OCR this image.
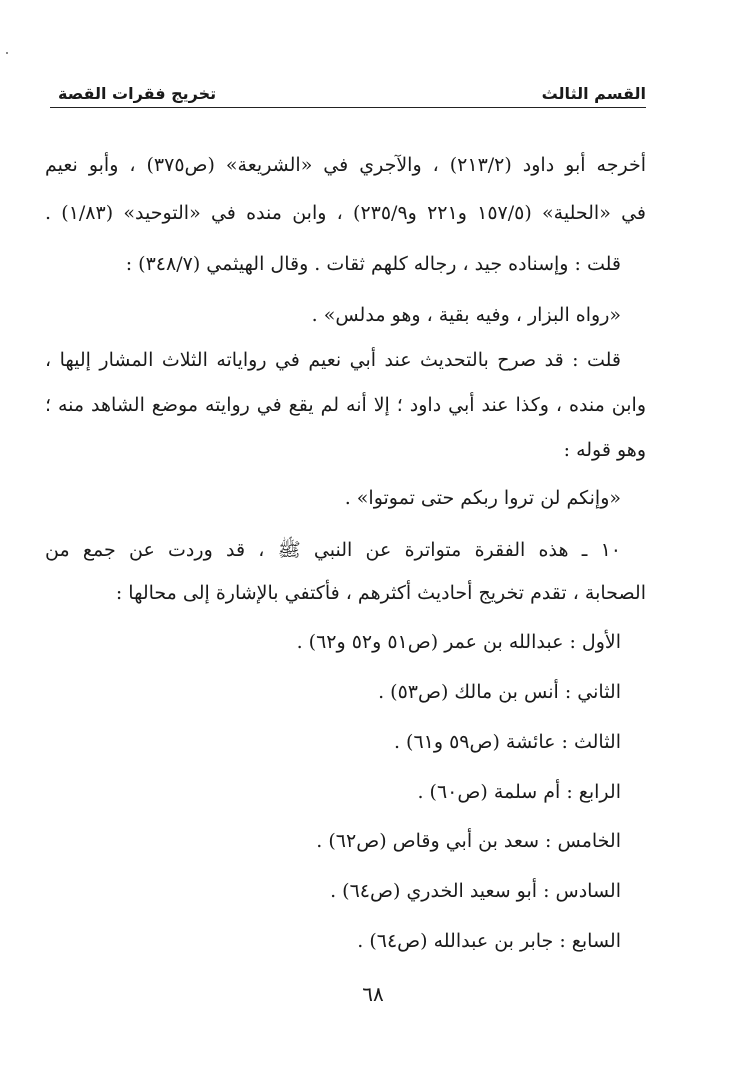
القسم الثالث
تخريج فقرات القصة
أخرجه أبو داود (٢١٣/٢) ، والآجري في «الشريعة» (ص٣٧٥) ، وأبو نعيم
في «الحلية» (١٥٧/٥ و٢٢١ و٢٣٥/٩) ، وابن منده في «التوحيد» (١/٨٣) .
قلت : وإسناده جيد ، رجاله كلهم ثقات . وقال الهيثمي (٣٤٨/٧) :
«رواه البزار ، وفيه بقية ، وهو مدلس» .
قلت : قد صرح بالتحديث عند أبي نعيم في رواياته الثلاث المشار إليها ،
وابن منده ، وكذا عند أبي داود ؛ إلا أنه لم يقع في روايته موضع الشاهد منه ؛
وهو قوله :
«وإنكم لن تروا ربكم حتى تموتوا» .
١٠ ـ هذه الفقرة متواترة عن النبي ﷺ ، قد وردت عن جمع من
الصحابة ، تقدم تخريج أحاديث أكثرهم ، فأكتفي بالإشارة إلى محالها :
الأول : عبدالله بن عمر (ص٥١ و٥٢ و٦٢) .
الثاني : أنس بن مالك (ص٥٣) .
الثالث : عائشة (ص٥٩ و٦١) .
الرابع : أم سلمة (ص٦٠) .
الخامس : سعد بن أبي وقاص (ص٦٢) .
السادس : أبو سعيد الخدري (ص٦٤) .
السابع : جابر بن عبدالله (ص٦٤) .
٦٨
